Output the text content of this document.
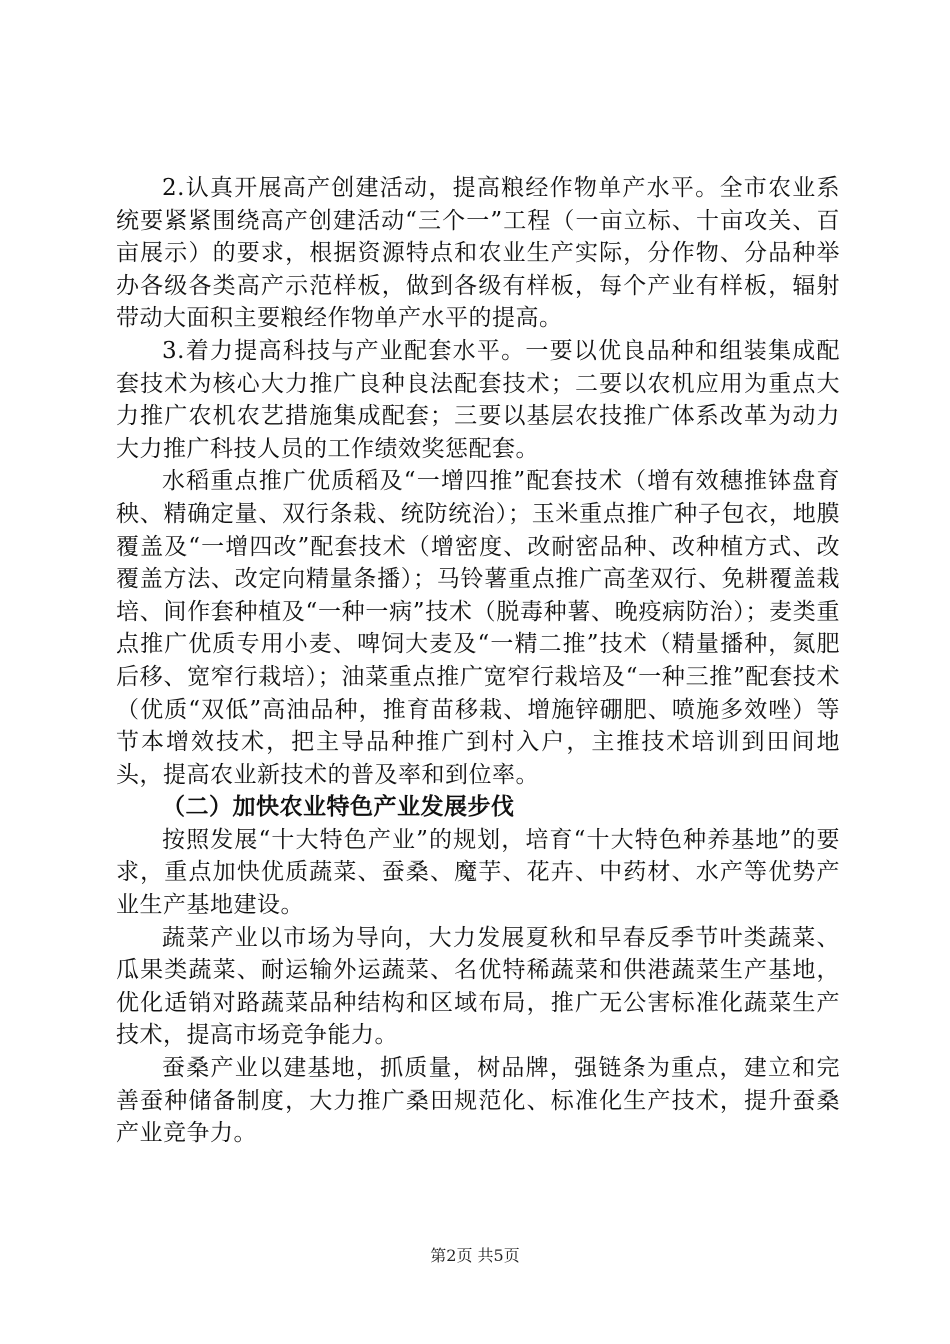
2.认真开展高产创建活动，提高粮经作物单产水平。全市农业系统要紧紧围绕高产创建活动“三个一”工程（一亩立标、十亩攻关、百亩展示）的要求，根据资源特点和农业生产实际，分作物、分品种举办各级各类高产示范样板，做到各级有样板，每个产业有样板，辐射带动大面积主要粮经作物单产水平的提高。

3.着力提高科技与产业配套水平。一要以优良品种和组装集成配套技术为核心大力推广良种良法配套技术；二要以农机应用为重点大力推广农机农艺措施集成配套；三要以基层农技推广体系改革为动力大力推广科技人员的工作绩效奖惩配套。

水稻重点推广优质稻及“一增四推”配套技术（增有效穗推钵盘育秧、精确定量、双行条栽、统防统治）；玉米重点推广种子包衣，地膜覆盖及“一增四改”配套技术（增密度、改耐密品种、改种植方式、改覆盖方法、改定向精量条播）；马铃薯重点推广高垄双行、免耕覆盖栽培、间作套种植及“一种一病”技术（脱毒种薯、晚疫病防治）；麦类重点推广优质专用小麦、啤饲大麦及“一精二推”技术（精量播种，氮肥后移、宽窄行栽培）；油菜重点推广宽窄行栽培及“一种三推”配套技术（优质“双低”高油品种，推育苗移栽、增施锌硼肥、喷施多效唑）等节本增效技术，把主导品种推广到村入户，主推技术培训到田间地头，提高农业新技术的普及率和到位率。

（二）加快农业特色产业发展步伐

按照发展“十大特色产业”的规划，培育“十大特色种养基地”的要求，重点加快优质蔬菜、蚕桑、魔芋、花卉、中药材、水产等优势产业生产基地建设。

蔬菜产业以市场为导向，大力发展夏秋和早春反季节叶类蔬菜、瓜果类蔬菜、耐运输外运蔬菜、名优特稀蔬菜和供港蔬菜生产基地，优化适销对路蔬菜品种结构和区域布局，推广无公害标准化蔬菜生产技术，提高市场竞争能力。

蚕桑产业以建基地，抓质量，树品牌，强链条为重点，建立和完善蚕种储备制度，大力推广桑田规范化、标准化生产技术，提升蚕桑产业竞争力。

第2页 共5页
